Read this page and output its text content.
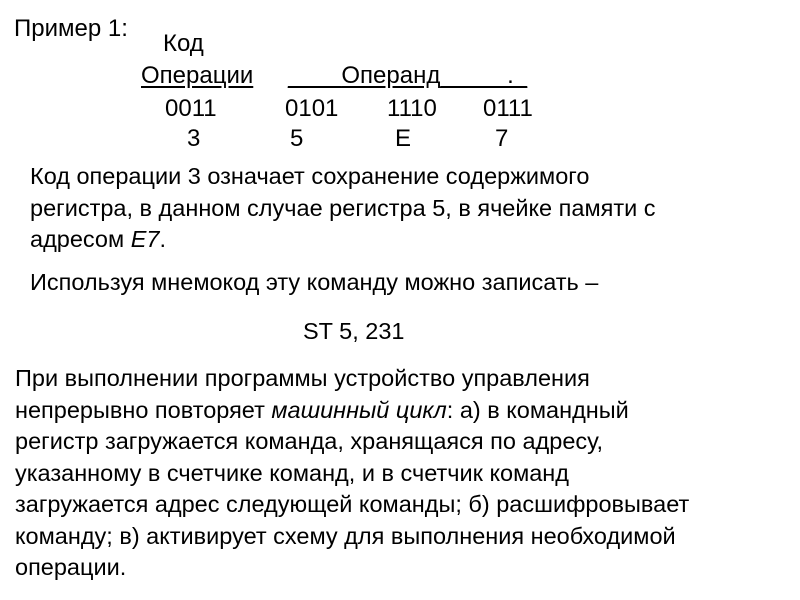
Пример 1:
Код
Операции ____Операнд_____._
0011	0101 1110 0111
3	5	E	7
Код операции 3 означает сохранение содержимого
регистра, в данном случае регистра 5, в ячейке памяти с
адресом E7.
Используя мнемокод эту команду можно записать –
ST 5, 231
При выполнении программы устройство управления
непрерывно повторяет машинный цикл: а) в командный
регистр загружается команда, хранящаяся по адресу,
указанному в счетчике команд, и в счетчик команд
загружается адрес следующей команды; б) расшифровывает
команду; в) активирует схему для выполнения необходимой
операции.
